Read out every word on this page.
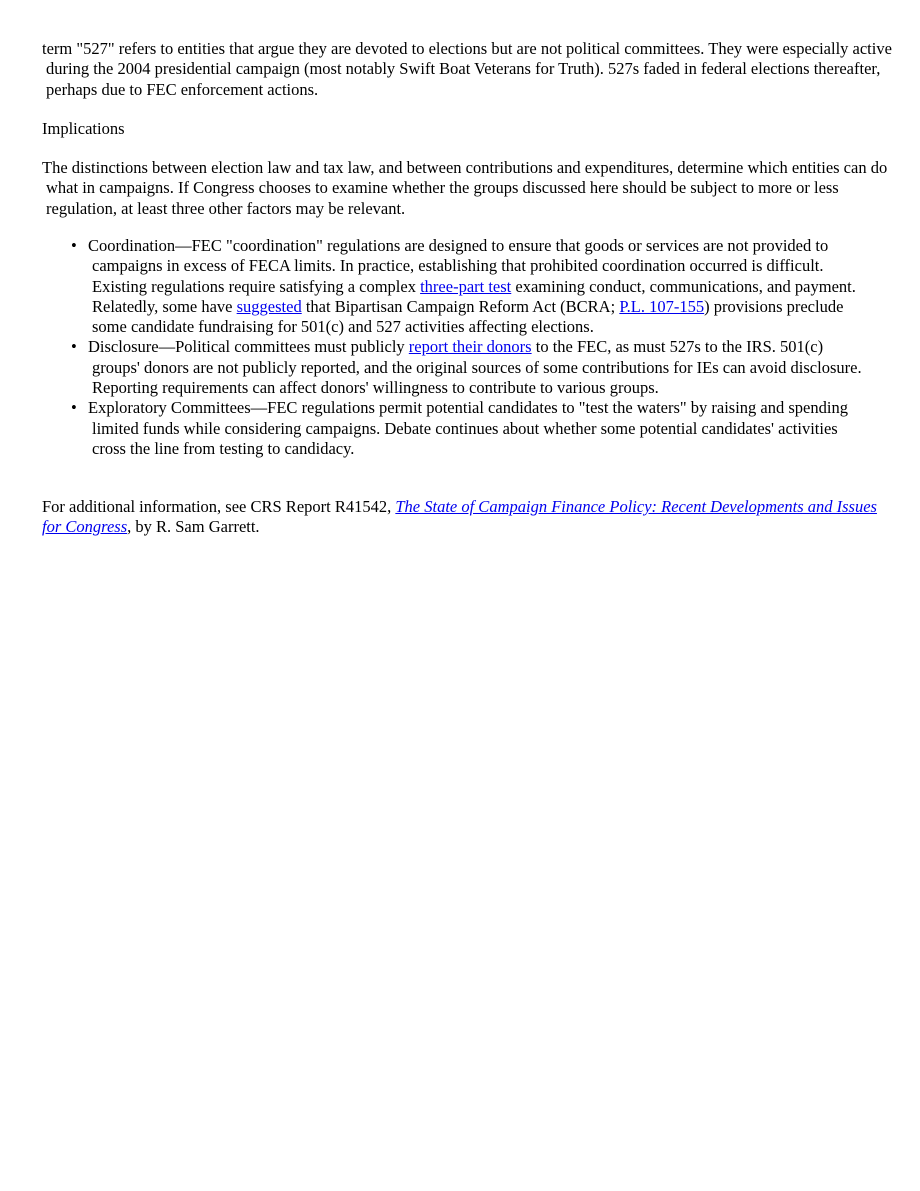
term "527" refers to entities that argue they are devoted to elections but are not political committees. They were especially active during the 2004 presidential campaign (most notably Swift Boat Veterans for Truth). 527s faded in federal elections thereafter, perhaps due to FEC enforcement actions.

Implications

The distinctions between election law and tax law, and between contributions and expenditures, determine which entities can do what in campaigns. If Congress chooses to examine whether the groups discussed here should be subject to more or less regulation, at least three other factors may be relevant.

• Coordination—FEC "coordination" regulations are designed to ensure that goods or services are not provided to campaigns in excess of FECA limits. In practice, establishing that prohibited coordination occurred is difficult. Existing regulations require satisfying a complex three-part test examining conduct, communications, and payment. Relatedly, some have suggested that Bipartisan Campaign Reform Act (BCRA; P.L. 107-155) provisions preclude some candidate fundraising for 501(c) and 527 activities affecting elections.
• Disclosure—Political committees must publicly report their donors to the FEC, as must 527s to the IRS. 501(c) groups' donors are not publicly reported, and the original sources of some contributions for IEs can avoid disclosure. Reporting requirements can affect donors' willingness to contribute to various groups.
• Exploratory Committees—FEC regulations permit potential candidates to "test the waters" by raising and spending limited funds while considering campaigns. Debate continues about whether some potential candidates' activities cross the line from testing to candidacy.

For additional information, see CRS Report R41542, The State of Campaign Finance Policy: Recent Developments and Issues for Congress, by R. Sam Garrett.
